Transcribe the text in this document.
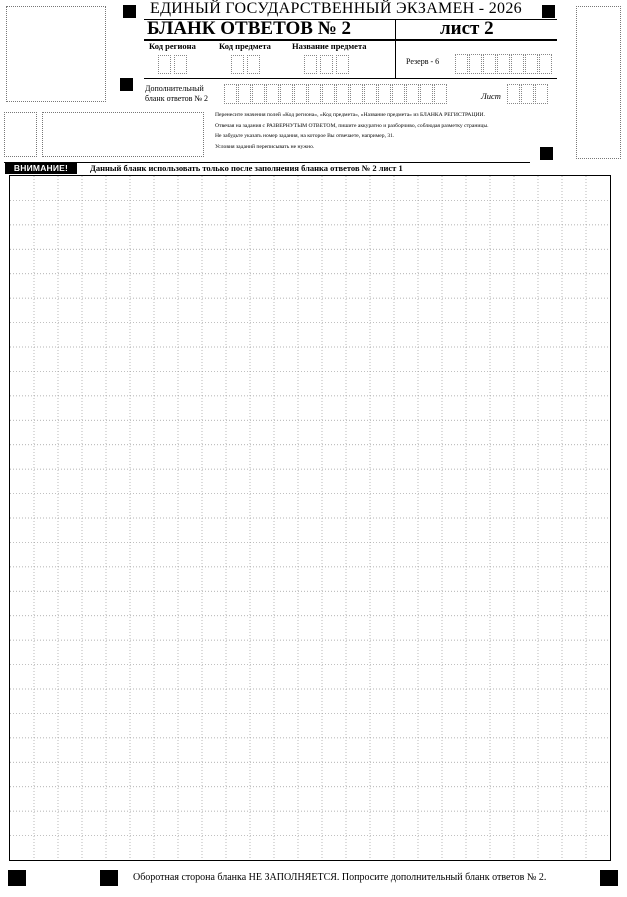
ЕДИНЫЙ ГОСУДАРСТВЕННЫЙ ЭКЗАМЕН - 2026
БЛАНК ОТВЕТОВ № 2	лист 2
Код региона	Код предмета Название предмета
Резерв - 6
Дополнительный
бланк ответов № 2	Лист
Перенесите значения полей «Код региона», «Код предмета», «Название предмета» из БЛАНКА РЕГИСТРАЦИИ.
Отвечая на задания с РАЗВЕРНУТЫМ ОТВЕТОМ, пишите аккуратно и разборчиво, соблюдая разметку страницы.
Не забудьте указать номер задания, на которое Вы отвечаете, например, 31.
Условия заданий переписывать не нужно.
ВНИМАНИЕ!	Данный бланк использовать только после заполнения бланка ответов № 2 лист 1
Оборотная сторона бланка НЕ ЗАПОЛНЯЕТСЯ. Попросите дополнительный бланк ответов № 2.
